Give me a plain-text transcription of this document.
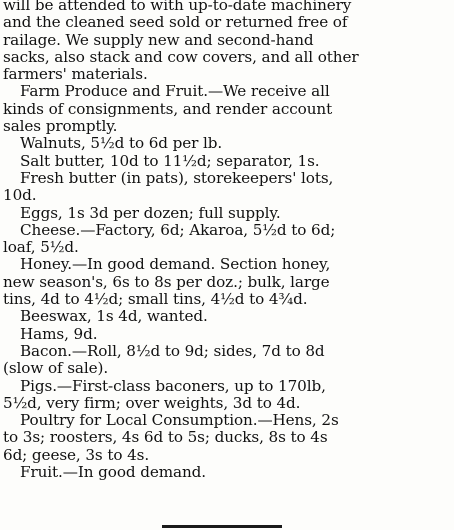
will be attended to with up-to-date machinery
and the cleaned seed sold or returned free of
railage. We supply new and second-hand
sacks, also stack and cow covers, and all other
farmers' materials.
Farm Produce and Fruit.—We receive all
kinds of consignments, and render account
sales promptly.
Walnuts, 5½d to 6d per lb.
Salt butter, 10d to 11½d; separator, 1s.
Fresh butter (in pats), storekeepers' lots,
10d.
Eggs, 1s 3d per dozen; full supply.
Cheese.—Factory, 6d; Akaroa, 5½d to 6d;
loaf, 5½d.
Honey.—In good demand. Section honey,
new season's, 6s to 8s per doz.; bulk, large
tins, 4d to 4½d; small tins, 4½d to 4¾d.
Beeswax, 1s 4d, wanted.
Hams, 9d.
Bacon.—Roll, 8½d to 9d; sides, 7d to 8d
(slow of sale).
Pigs.—First-class baconers, up to 170lb,
5½d, very firm; over weights, 3d to 4d.
Poultry for Local Consumption.—Hens, 2s
to 3s; roosters, 4s 6d to 5s; ducks, 8s to 4s
6d; geese, 3s to 4s.
Fruit.—In good demand.
